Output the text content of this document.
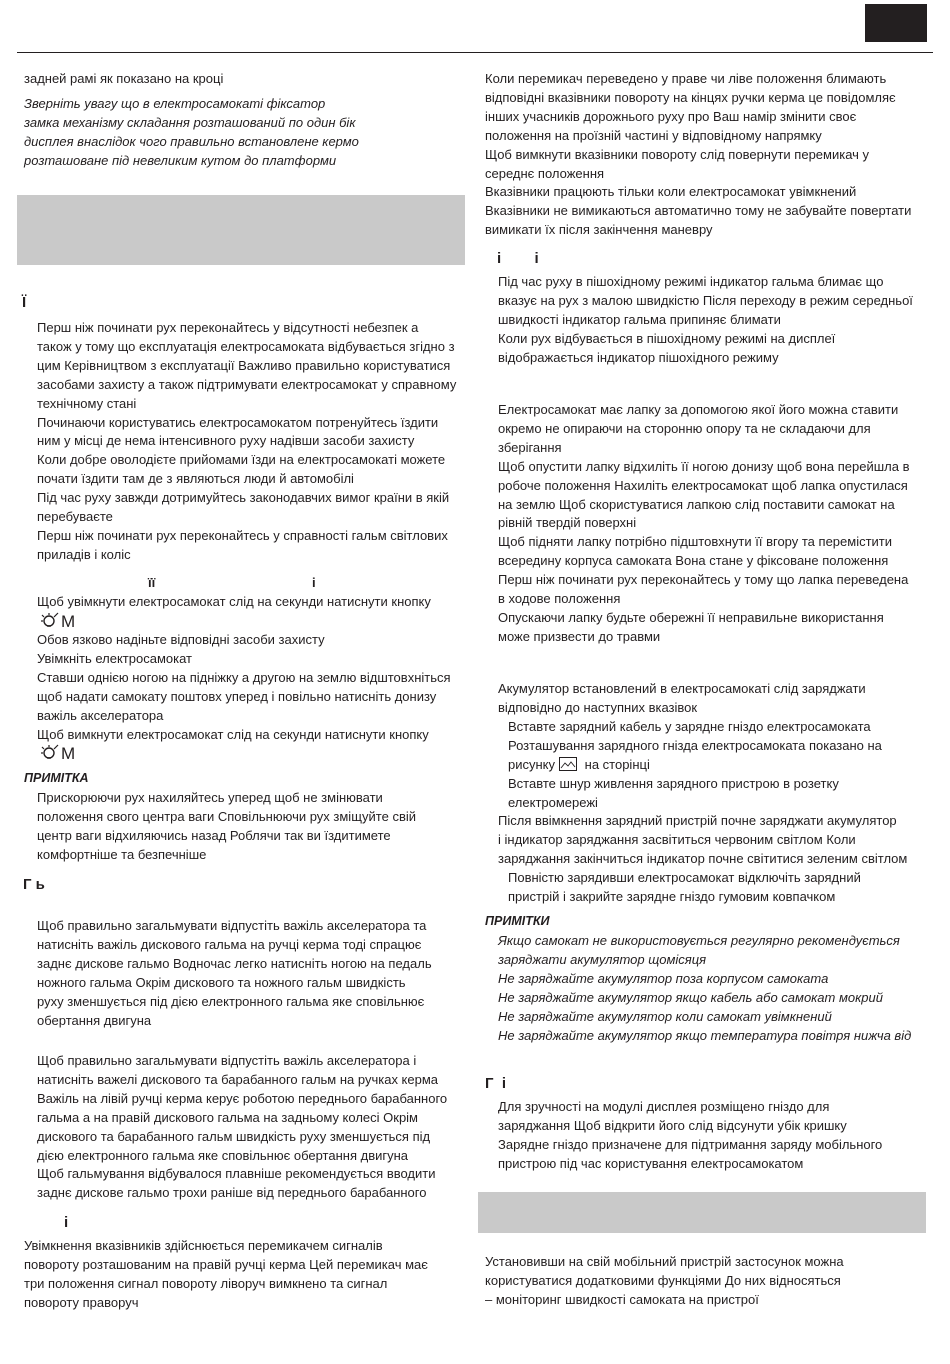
задней рамі як показано на кроці
Зверніть увагу що в електросамокаті фіксатор
замка механізму складання розташований по один бік
дисплея внаслідок чого правильно встановлене кермо
розташоване під невеликим кутом до платформи
Ї
Перш ніж починати рух переконайтесь у відсутності небезпек а
також у тому що експлуатація електросамоката відбувається згідно з
цим Керівництвом з експлуатації Важливо правильно користуватися
засобами захисту а також підтримувати електросамокат у справному
технічному стані
Починаючи користуватись електросамокатом потренуйтесь їздити
ним у місці де нема інтенсивного руху надівши засоби захисту
Коли добре оволодієте прийомами їзди на електросамокаті можете
почати їздити там де з являються люди й автомобілі
Під час руху завжди дотримуйтесь законодавчих вимог країни в якій
перебуваєте
Перш ніж починати рух переконайтесь у справності гальм світлових
приладів і коліс
її	і
Щоб увімкнути електросамокат слід на секунди натиснути кнопку
М
Обов язково надіньте відповідні засоби захисту
Увімкніть електросамокат
Ставши однією ногою на підніжку а другою на землю відштовхніться
щоб надати самокату поштовх уперед і повільно натисніть донизу
важіль акселератора
Щоб вимкнути електросамокат слід на секунди натиснути кнопку
М
ПРИМІТКА
Прискорюючи рух нахиляйтесь уперед щоб не змінювати
положення свого центра ваги Сповільнюючи рух зміщуйте свій
центр ваги відхиляючись назад Роблячи так ви їздитимете
комфортніше та безпечніше
Г ь
Щоб правильно загальмувати відпустіть важіль акселератора та
натисніть важіль дискового гальма на ручці керма тоді спрацює
заднє дискове гальмо Водночас легко натисніть ногою на педаль
ножного гальма Окрім дискового та ножного гальм швидкість
руху зменшується під дією електронного гальма яке сповільнює
обертання двигуна
Щоб правильно загальмувати відпустіть важіль акселератора і
натисніть важелі дискового та барабанного гальм на ручках керма
Важіль на лівій ручці керма керує роботою переднього барабанного
гальма а на правій дискового гальма на задньому колесі Окрім
дискового та барабанного гальм швидкість руху зменшується під
дією електронного гальма яке сповільнює обертання двигуна
Щоб гальмування відбувалося плавніше рекомендується вводити
заднє дискове гальмо трохи раніше від переднього барабанного
і
Увімкнення вказівників здійснюється перемикачем сигналів
повороту розташованим на правій ручці керма Цей перемикач має
три положення сигнал повороту ліворуч вимкнено та сигнал
повороту праворуч
Коли перемикач переведено у праве чи ліве положення блимають
відповідні вказівники повороту на кінцях ручки керма це повідомляє
інших учасників дорожнього руху про Ваш намір змінити своє
положення на проїзній частині у відповідному напрямку
Щоб вимкнути вказівники повороту слід повернути перемикач у
середнє положення
Вказівники працюють тільки коли електросамокат увімкнений
Вказівники не вимикаються автоматично тому не забувайте повертати
вимикати їх після закінчення маневру
і        і
Під час руху в пішохідному режимі індикатор гальма блимає що
вказує на рух з малою швидкістю Після переходу в режим середньої
швидкості індикатор гальма припиняє блимати
Коли рух відбувається в пішохідному режимі на дисплеї
відображається індикатор пішохідного режиму
Електросамокат має лапку за допомогою якої його можна ставити
окремо не опираючи на сторонню опору та не складаючи для
зберігання
Щоб опустити лапку відхиліть її ногою донизу щоб вона перейшла в
робоче положення Нахиліть електросамокат щоб лапка опустилася
на землю Щоб скористуватися лапкою слід поставити самокат на
рівній твердій поверхні
Щоб підняти лапку потрібно підштовхнути її вгору та перемістити
всередину корпуса самоката Вона стане у фіксоване положення
Перш ніж починати рух переконайтесь у тому що лапка переведена
в ходове положення
Опускаючи лапку будьте обережні її неправильне використання
може призвести до травми
Акумулятор встановлений в електросамокаті слід заряджати
відповідно до наступних вказівок
Вставте зарядний кабель у зарядне гніздо електросамоката
Розташування зарядного гнізда електросамоката показано на
рисунку на сторінці
Вставте шнур живлення зарядного пристрою в розетку
електромережі
Після ввімкнення зарядний пристрій почне заряджати акумулятор
і індикатор заряджання засвітиться червоним світлом Коли
заряджання закінчиться індикатор почне світитися зеленим світлом
Повністю зарядивши електросамокат відключіть зарядний
пристрій і закрийте зарядне гніздо гумовим ковпачком
ПРИМІТКИ
Якщо самокат не використовується регулярно рекомендується
заряджати акумулятор щомісяця
Не заряджайте акумулятор поза корпусом самоката
Не заряджайте акумулятор якщо кабель або самокат мокрий
Не заряджайте акумулятор коли самокат увімкнений
Не заряджайте акумулятор якщо температура повітря нижча від
Г  і
Для зручності на модулі дисплея розміщено гніздо для
заряджання Щоб відкрити його слід відсунути убік кришку
Зарядне гніздо призначене для підтримання заряду мобільного
пристрою під час користування електросамокатом
Установивши на свій мобільний пристрій застосунок можна
користуватися додатковими функціями До них відносяться
– моніторинг швидкості самоката на пристрої
